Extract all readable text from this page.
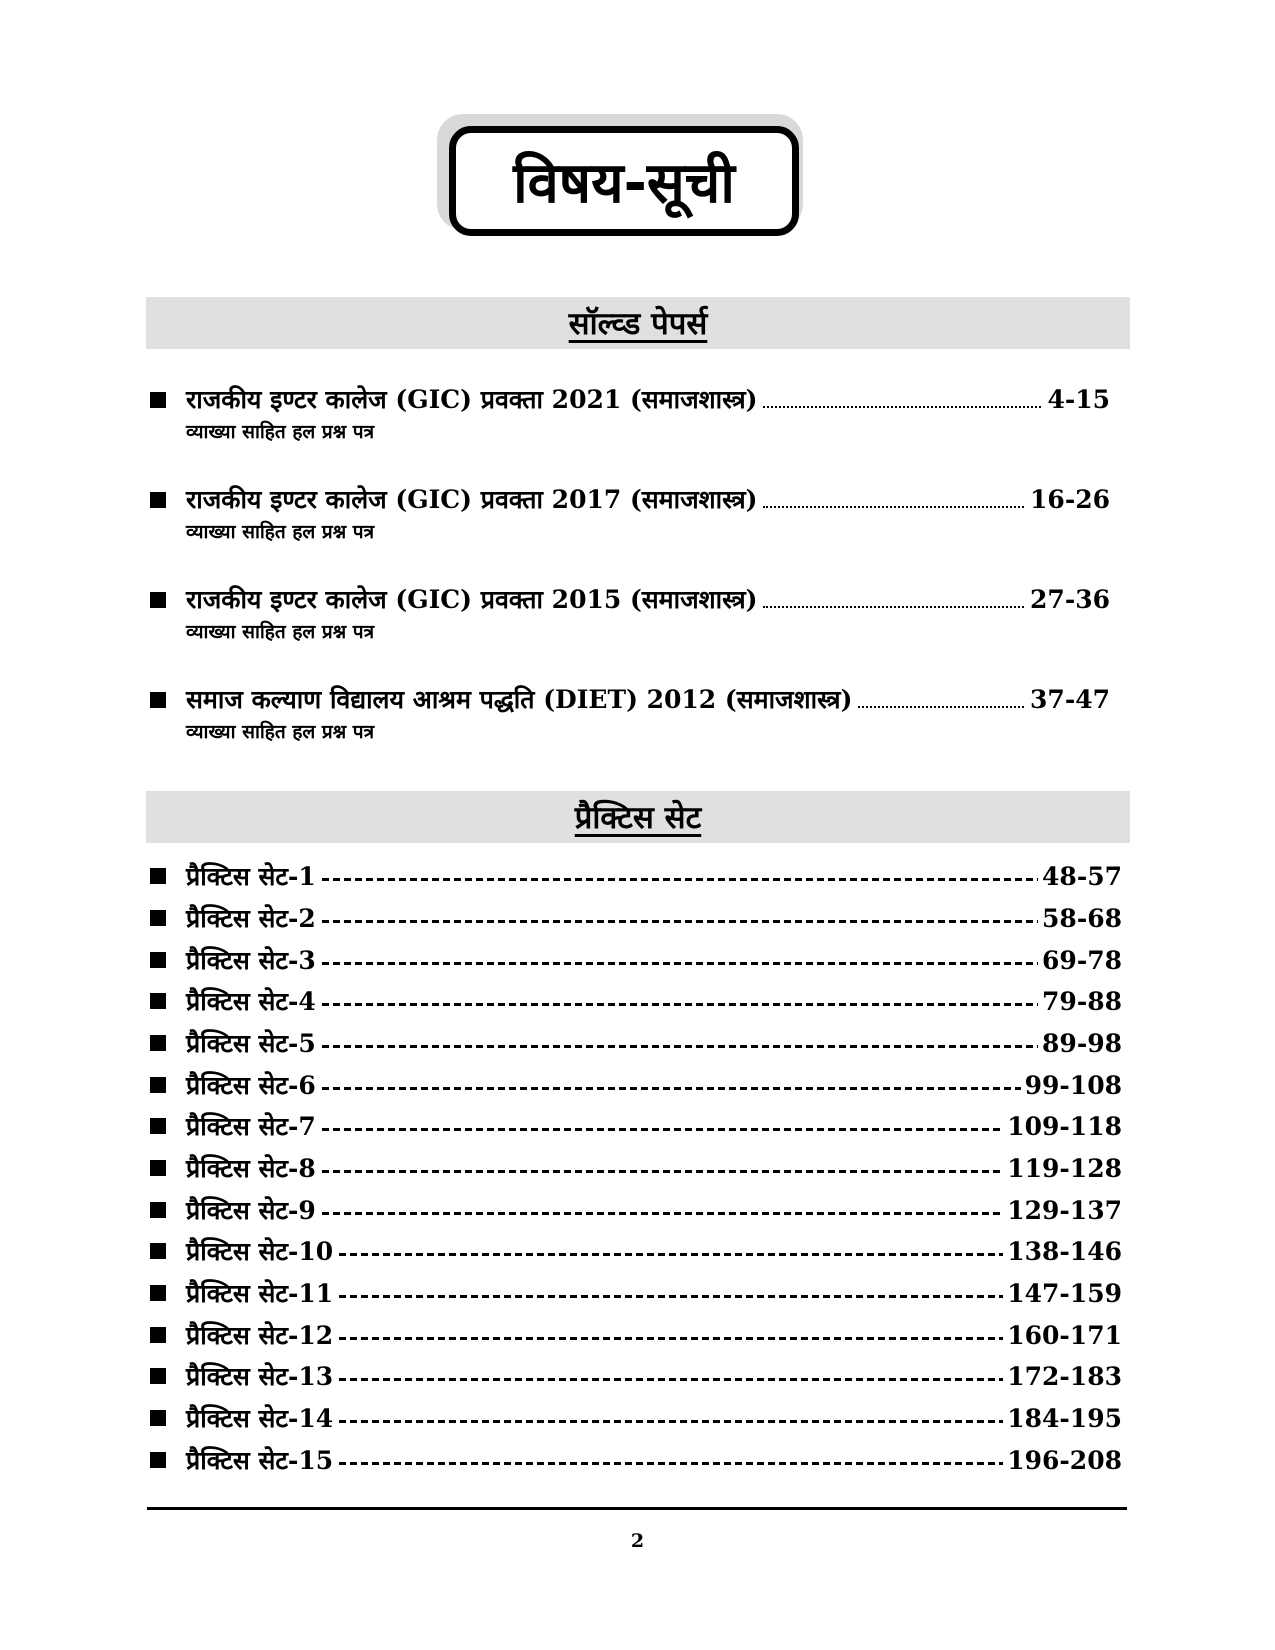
विषय-सूची
सॉल्व्ड पेपर्स
राजकीय इण्टर कालेज (GIC) प्रवक्ता 2021 (समाजशास्त्र)	4-15
व्याख्या साहित हल प्रश्न पत्र
राजकीय इण्टर कालेज (GIC) प्रवक्ता 2017 (समाजशास्त्र)	16-26
व्याख्या साहित हल प्रश्न पत्र
राजकीय इण्टर कालेज (GIC) प्रवक्ता 2015 (समाजशास्त्र)	27-36
व्याख्या साहित हल प्रश्न पत्र
समाज कल्याण विद्यालय आश्रम पद्धति (DIET) 2012 (समाजशास्त्र)	37-47
व्याख्या साहित हल प्रश्न पत्र
प्रैक्टिस सेट
प्रैक्टिस सेट-1	48-57
प्रैक्टिस सेट-2	58-68
प्रैक्टिस सेट-3	69-78
प्रैक्टिस सेट-4	79-88
प्रैक्टिस सेट-5	89-98
प्रैक्टिस सेट-6	99-108
प्रैक्टिस सेट-7	109-118
प्रैक्टिस सेट-8	119-128
प्रैक्टिस सेट-9	129-137
प्रैक्टिस सेट-10	138-146
प्रैक्टिस सेट-11	147-159
प्रैक्टिस सेट-12	160-171
प्रैक्टिस सेट-13	172-183
प्रैक्टिस सेट-14	184-195
प्रैक्टिस सेट-15	196-208
2
